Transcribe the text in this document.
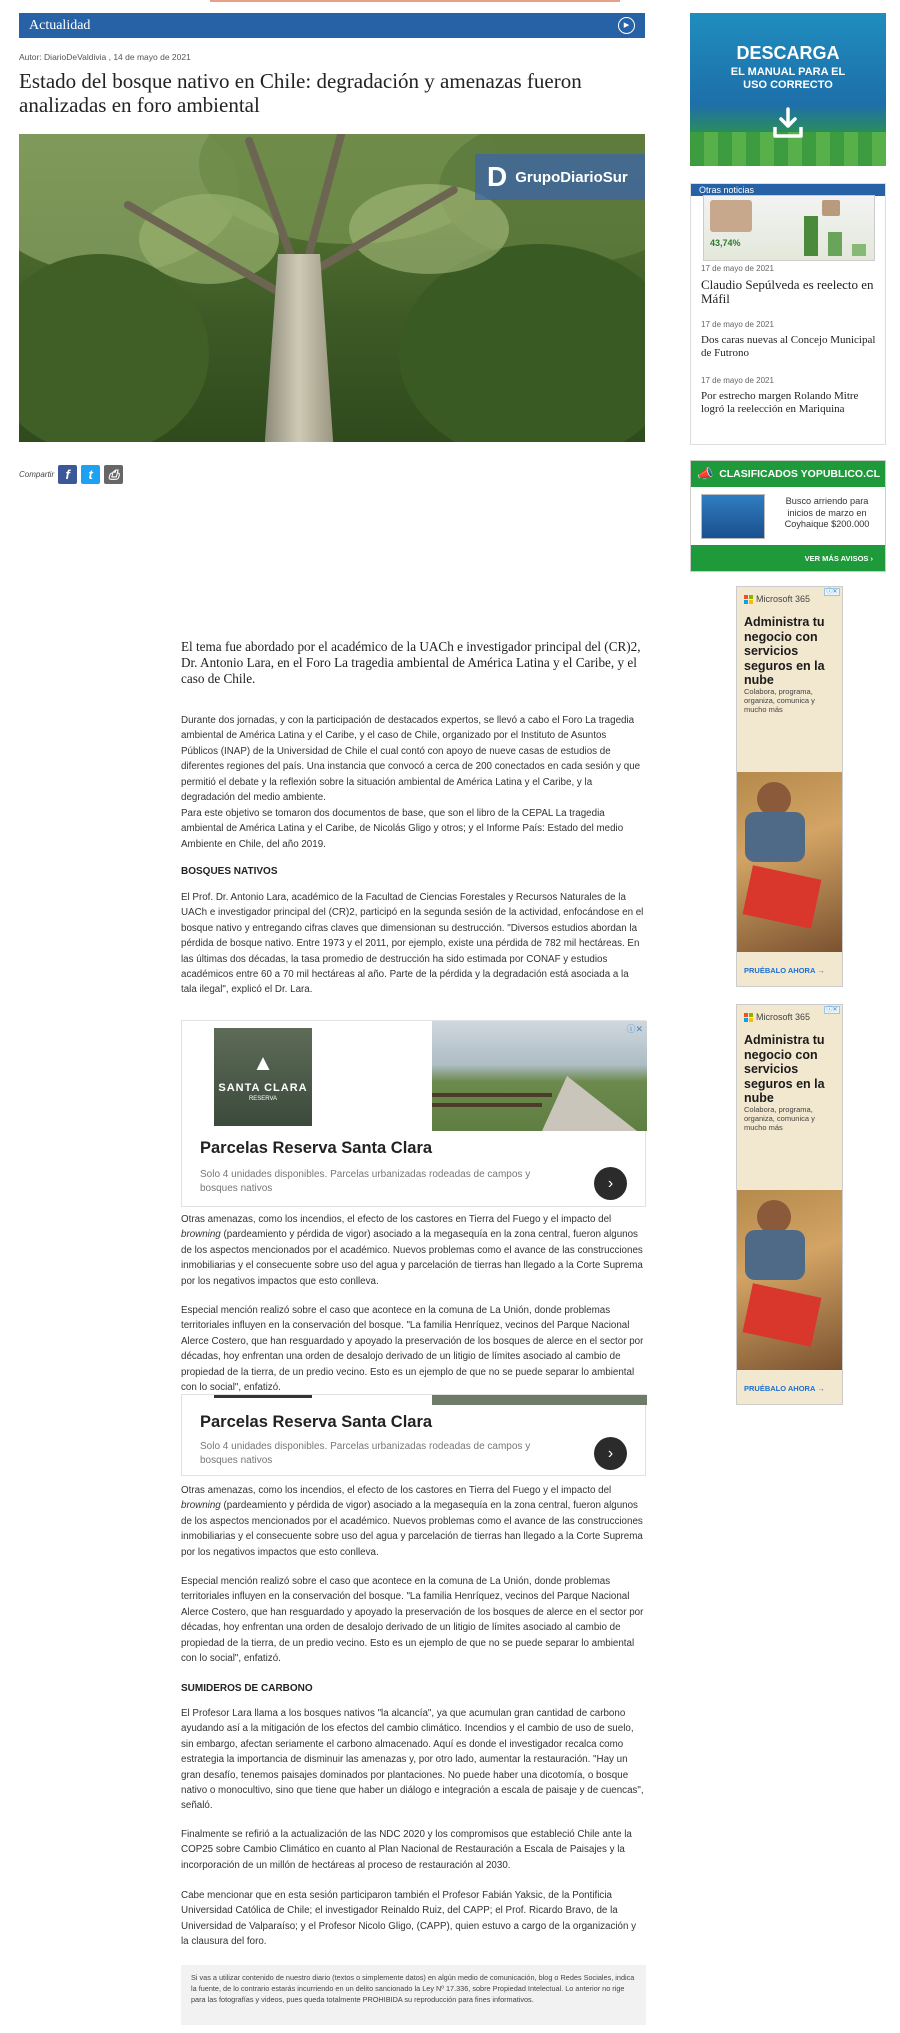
Actualidad	▸
Autor: DiarioDeValdivia , 14 de mayo de 2021
Estado del bosque nativo en Chile: degradación y amenazas fueron analizadas en foro ambiental
D GrupoDiarioSur
Compartir f	t	⎙
El tema fue abordado por el académico de la UACh e investigador principal del (CR)2, Dr. Antonio Lara, en el Foro La tragedia ambiental de América Latina y el Caribe, y el caso de Chile.

Durante dos jornadas, y con la participación de destacados expertos, se llevó a cabo el Foro La tragedia ambiental de América Latina y el Caribe, y el caso de Chile, organizado por el Instituto de Asuntos Públicos (INAP) de la Universidad de Chile el cual contó con apoyo de nueve casas de estudios de diferentes regiones del país. Una instancia que convocó a cerca de 200 conectados en cada sesión y que permitió el debate y la reflexión sobre la situación ambiental de América Latina y el Caribe, y la degradación del medio ambiente.

Para este objetivo se tomaron dos documentos de base, que son el libro de la CEPAL La tragedia ambiental de América Latina y el Caribe, de Nicolás Gligo y otros; y el Informe País: Estado del medio Ambiente en Chile, del año 2019.

BOSQUES NATIVOS

El Prof. Dr. Antonio Lara, académico de la Facultad de Ciencias Forestales y Recursos Naturales de la UACh e investigador principal del (CR)2, participó en la segunda sesión de la actividad, enfocándose en el bosque nativo y entregando cifras claves que dimensionan su destrucción. "Diversos estudios abordan la pérdida de bosque nativo. Entre 1973 y el 2011, por ejemplo, existe una pérdida de 782 mil hectáreas. En las últimas dos décadas, la tasa promedio de destrucción ha sido estimada por CONAF y estudios académicos entre 60 a 70 mil hectáreas al año. Parte de la pérdida y la degradación está asociada a la tala ilegal", explicó el Dr. Lara.

▲
SANTA CLARA
RESERVA
ⓘ✕
Parcelas Reserva Santa Clara
Solo 4 unidades disponibles. Parcelas urbanizadas rodeadas de campos y bosques nativos	›

Otras amenazas, como los incendios, el efecto de los castores en Tierra del Fuego y el impacto del browning (pardeamiento y pérdida de vigor) asociado a la megasequía en la zona central, fueron algunos de los aspectos mencionados por el académico. Nuevos problemas como el avance de las construcciones inmobiliarias y el consecuente sobre uso del agua y parcelación de tierras han llegado a la Corte Suprema por los negativos impactos que esto conlleva.

Especial mención realizó sobre el caso que acontece en la comuna de La Unión, donde problemas territoriales influyen en la conservación del bosque. "La familia Henríquez, vecinos del Parque Nacional Alerce Costero, que han resguardado y apoyado la preservación de los bosques de alerce en el sector por décadas, hoy enfrentan una orden de desalojo derivado de un litigio de límites asociado al cambio de propiedad de la tierra, de un predio vecino. Esto es un ejemplo de que no se puede separar lo ambiental con lo social", enfatizó.

Parcelas Reserva Santa Clara
Solo 4 unidades disponibles. Parcelas urbanizadas rodeadas de campos y bosques nativos	›

Otras amenazas, como los incendios, el efecto de los castores en Tierra del Fuego y el impacto del browning (pardeamiento y pérdida de vigor) asociado a la megasequía en la zona central, fueron algunos de los aspectos mencionados por el académico. Nuevos problemas como el avance de las construcciones inmobiliarias y el consecuente sobre uso del agua y parcelación de tierras han llegado a la Corte Suprema por los negativos impactos que esto conlleva.

Especial mención realizó sobre el caso que acontece en la comuna de La Unión, donde problemas territoriales influyen en la conservación del bosque. "La familia Henríquez, vecinos del Parque Nacional Alerce Costero, que han resguardado y apoyado la preservación de los bosques de alerce en el sector por décadas, hoy enfrentan una orden de desalojo derivado de un litigio de límites asociado al cambio de propiedad de la tierra, de un predio vecino. Esto es un ejemplo de que no se puede separar lo ambiental con lo social", enfatizó.

SUMIDEROS DE CARBONO

El Profesor Lara llama a los bosques nativos "la alcancía", ya que acumulan gran cantidad de carbono ayudando así a la mitigación de los efectos del cambio climático. Incendios y el cambio de uso de suelo, sin embargo, afectan seriamente el carbono almacenado. Aquí es donde el investigador recalca como estrategia la importancia de disminuir las amenazas y, por otro lado, aumentar la restauración. "Hay un gran desafío, tenemos paisajes dominados por plantaciones. No puede haber una dicotomía, o bosque nativo o monocultivo, sino que tiene que haber un diálogo e integración a escala de paisaje y de cuencas", señaló.

Finalmente se refirió a la actualización de las NDC 2020 y los compromisos que estableció Chile ante la COP25 sobre Cambio Climático en cuanto al Plan Nacional de Restauración a Escala de Paisajes y la incorporación de un millón de hectáreas al proceso de restauración al 2030.

Cabe mencionar que en esta sesión participaron también el Profesor Fabián Yaksic, de la Pontificia Universidad Católica de Chile; el investigador Reinaldo Ruiz, del CAPP; el Prof. Ricardo Bravo, de la Universidad de Valparaíso; y el Profesor Nicolo Gligo, (CAPP), quien estuvo a cargo de la organización y la clausura del foro.

Si vas a utilizar contenido de nuestro diario (textos o simplemente datos) en algún medio de comunicación, blog o Redes Sociales, indica la fuente, de lo contrario estarás incurriendo en un delito sancionado la Ley Nº 17.336, sobre Propiedad Intelectual. Lo anterior no rige para las fotografías y videos, pues queda totalmente PROHIBIDA su reproducción para fines informativos.
DESCARGA
EL MANUAL PARA EL
USO CORRECTO
Otras noticias
43,74%
17 de mayo de 2021
Claudio Sepúlveda es reelecto en Máfil
17 de mayo de 2021
Dos caras nuevas al Concejo Municipal de Futrono
17 de mayo de 2021
Por estrecho margen Rolando Mitre logró la reelección en Mariquina
📣 CLASIFICADOS YOPUBLICO.CL
Busco arriendo para inicios de marzo en Coyhaique $200.000
VER MÁS AVISOS ›
ⓘ✕
Microsoft 365
Administra tu negocio con servicios seguros en la nube
Colabora, programa, organiza, comunica y mucho más
PRUÉBALO AHORA →
ⓘ✕
Microsoft 365
Administra tu negocio con servicios seguros en la nube
Colabora, programa, organiza, comunica y mucho más
PRUÉBALO AHORA →
